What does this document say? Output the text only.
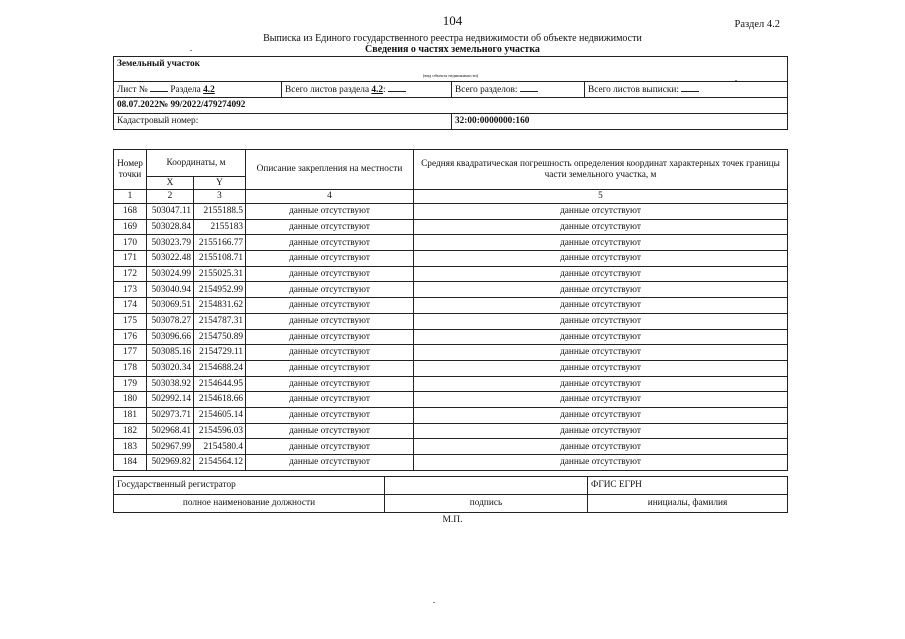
104	Раздел 4.2
Выписка из Единого государственного реестра недвижимости об объекте недвижимости
Сведения о частях земельного участка
Земельный участок			
(вид объекта недвижимости)			
Лист № Раздела 4.2	Всего листов раздела 4.2:	Всего разделов:	Всего листов выписки:
08.07.2022№ 99/2022/479274092			
Кадастровый номер:		32:00:0000000:160	
Номер точки	Координаты, м		Описание закрепления на местности	Средняя квадратическая погрешность определения координат характерных точек границы части земельного участка, м
	X	Y		
1	2	3	4	5
168	503047.11	2155188.5	данные отсутствуют	данные отсутствуют
169	503028.84	2155183	данные отсутствуют	данные отсутствуют
170	503023.79	2155166.77	данные отсутствуют	данные отсутствуют
171	503022.48	2155108.71	данные отсутствуют	данные отсутствуют
172	503024.99	2155025.31	данные отсутствуют	данные отсутствуют
173	503040.94	2154952.99	данные отсутствуют	данные отсутствуют
174	503069.51	2154831.62	данные отсутствуют	данные отсутствуют
175	503078.27	2154787.31	данные отсутствуют	данные отсутствуют
176	503096.66	2154750.89	данные отсутствуют	данные отсутствуют
177	503085.16	2154729.11	данные отсутствуют	данные отсутствуют
178	503020.34	2154688.24	данные отсутствуют	данные отсутствуют
179	503038.92	2154644.95	данные отсутствуют	данные отсутствуют
180	502992.14	2154618.66	данные отсутствуют	данные отсутствуют
181	502973.71	2154605.14	данные отсутствуют	данные отсутствуют
182	502968.41	2154596.03	данные отсутствуют	данные отсутствуют
183	502967.99	2154580.4	данные отсутствуют	данные отсутствуют
184	502969.82	2154564.12	данные отсутствуют	данные отсутствуют
Государственный регистратор		ФГИС ЕГРН
полное наименование должности	подпись	инициалы, фамилия
М.П.
